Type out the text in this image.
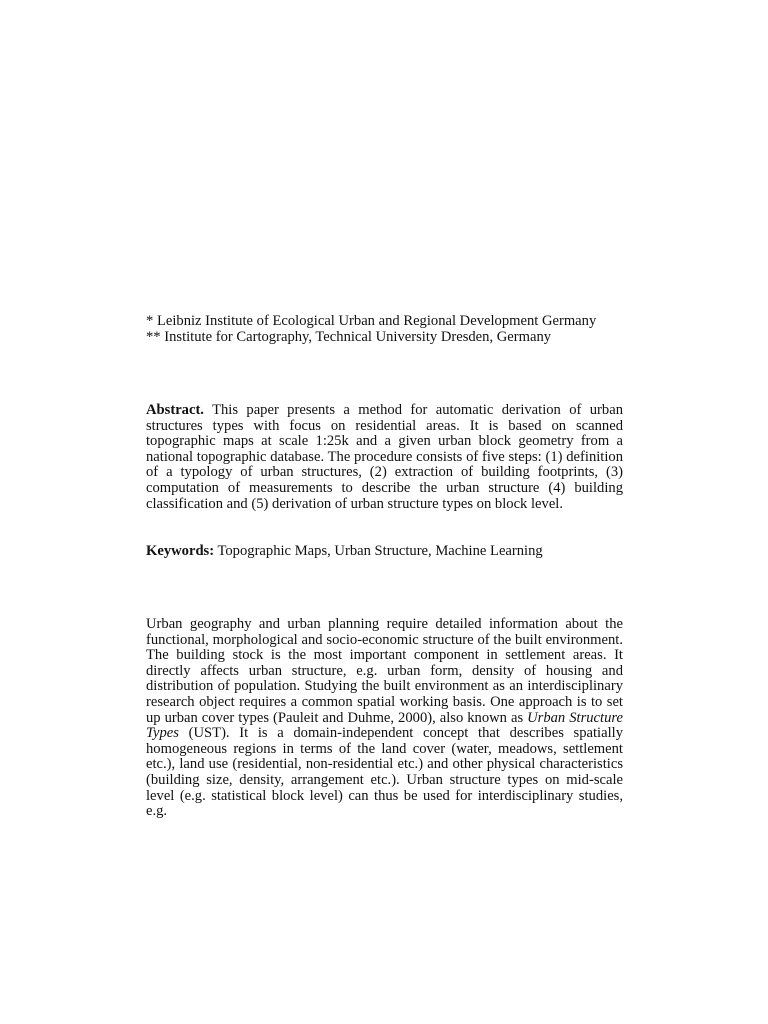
* Leibniz Institute of Ecological Urban and Regional Development Germany
** Institute for Cartography, Technical University Dresden, Germany

Abstract. This paper presents a method for automatic derivation of urban structures types with focus on residential areas. It is based on scanned topographic maps at scale 1:25k and a given urban block geometry from a national topographic database. The procedure consists of five steps: (1) definition of a typology of urban structures, (2) extraction of building footprints, (3) computation of measurements to describe the urban structure (4) building classification and (5) derivation of urban structure types on block level.

Keywords: Topographic Maps, Urban Structure, Machine Learning

Urban geography and urban planning require detailed information about the functional, morphological and socio-economic structure of the built environment. The building stock is the most important component in settlement areas. It directly affects urban structure, e.g. urban form, density of housing and distribution of population. Studying the built environment as an interdisciplinary research object requires a common spatial working basis. One approach is to set up urban cover types (Pauleit and Duhme, 2000), also known as Urban Structure Types (UST). It is a domain-independent concept that describes spatially homogeneous regions in terms of the land cover (water, meadows, settlement etc.), land use (residential, non-residential etc.) and other physical characteristics (building size, density, arrangement etc.). Urban structure types on mid-scale level (e.g. statistical block level) can thus be used for interdisciplinary studies, e.g.
